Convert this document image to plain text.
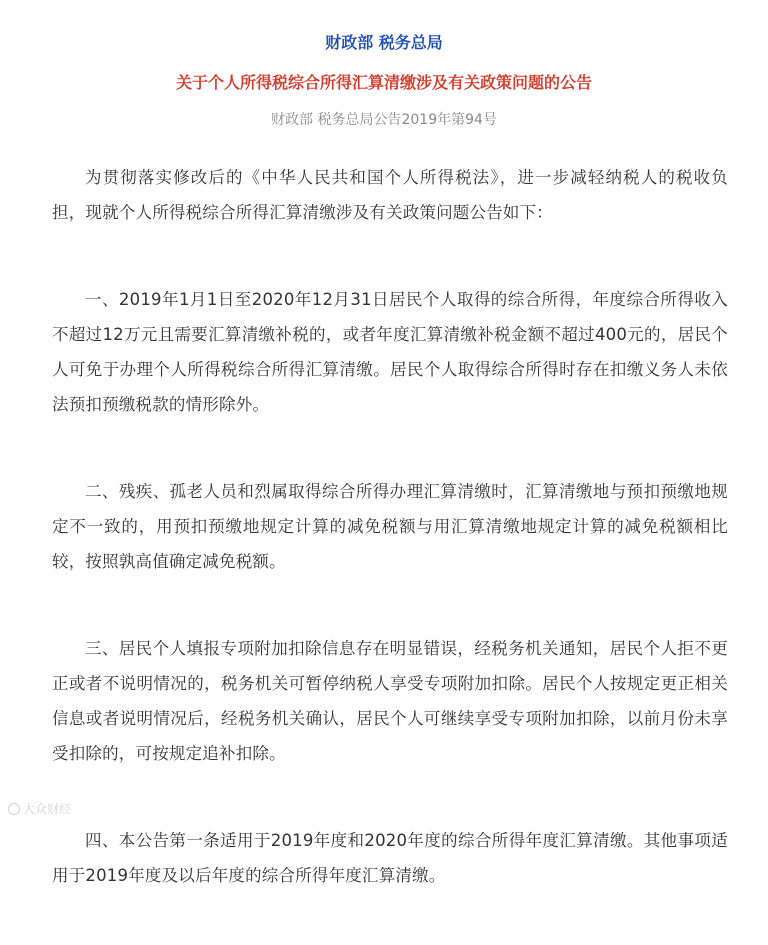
财政部 税务总局

关于个人所得税综合所得汇算清缴涉及有关政策问题的公告

财政部 税务总局公告2019年第94号

为贯彻落实修改后的《中华人民共和国个人所得税法》，进一步减轻纳税人的税收负担，现就个人所得税综合所得汇算清缴涉及有关政策问题公告如下：

一、2019年1月1日至2020年12月31日居民个人取得的综合所得，年度综合所得收入不超过12万元且需要汇算清缴补税的，或者年度汇算清缴补税金额不超过400元的，居民个人可免于办理个人所得税综合所得汇算清缴。居民个人取得综合所得时存在扣缴义务人未依法预扣预缴税款的情形除外。

二、残疾、孤老人员和烈属取得综合所得办理汇算清缴时，汇算清缴地与预扣预缴地规定不一致的，用预扣预缴地规定计算的减免税额与用汇算清缴地规定计算的减免税额相比较，按照孰高值确定减免税额。

三、居民个人填报专项附加扣除信息存在明显错误，经税务机关通知，居民个人拒不更正或者不说明情况的，税务机关可暂停纳税人享受专项附加扣除。居民个人按规定更正相关信息或者说明情况后，经税务机关确认，居民个人可继续享受专项附加扣除，以前月份未享受扣除的，可按规定追补扣除。

四、本公告第一条适用于2019年度和2020年度的综合所得年度汇算清缴。其他事项适用于2019年度及以后年度的综合所得年度汇算清缴。

大众财经
